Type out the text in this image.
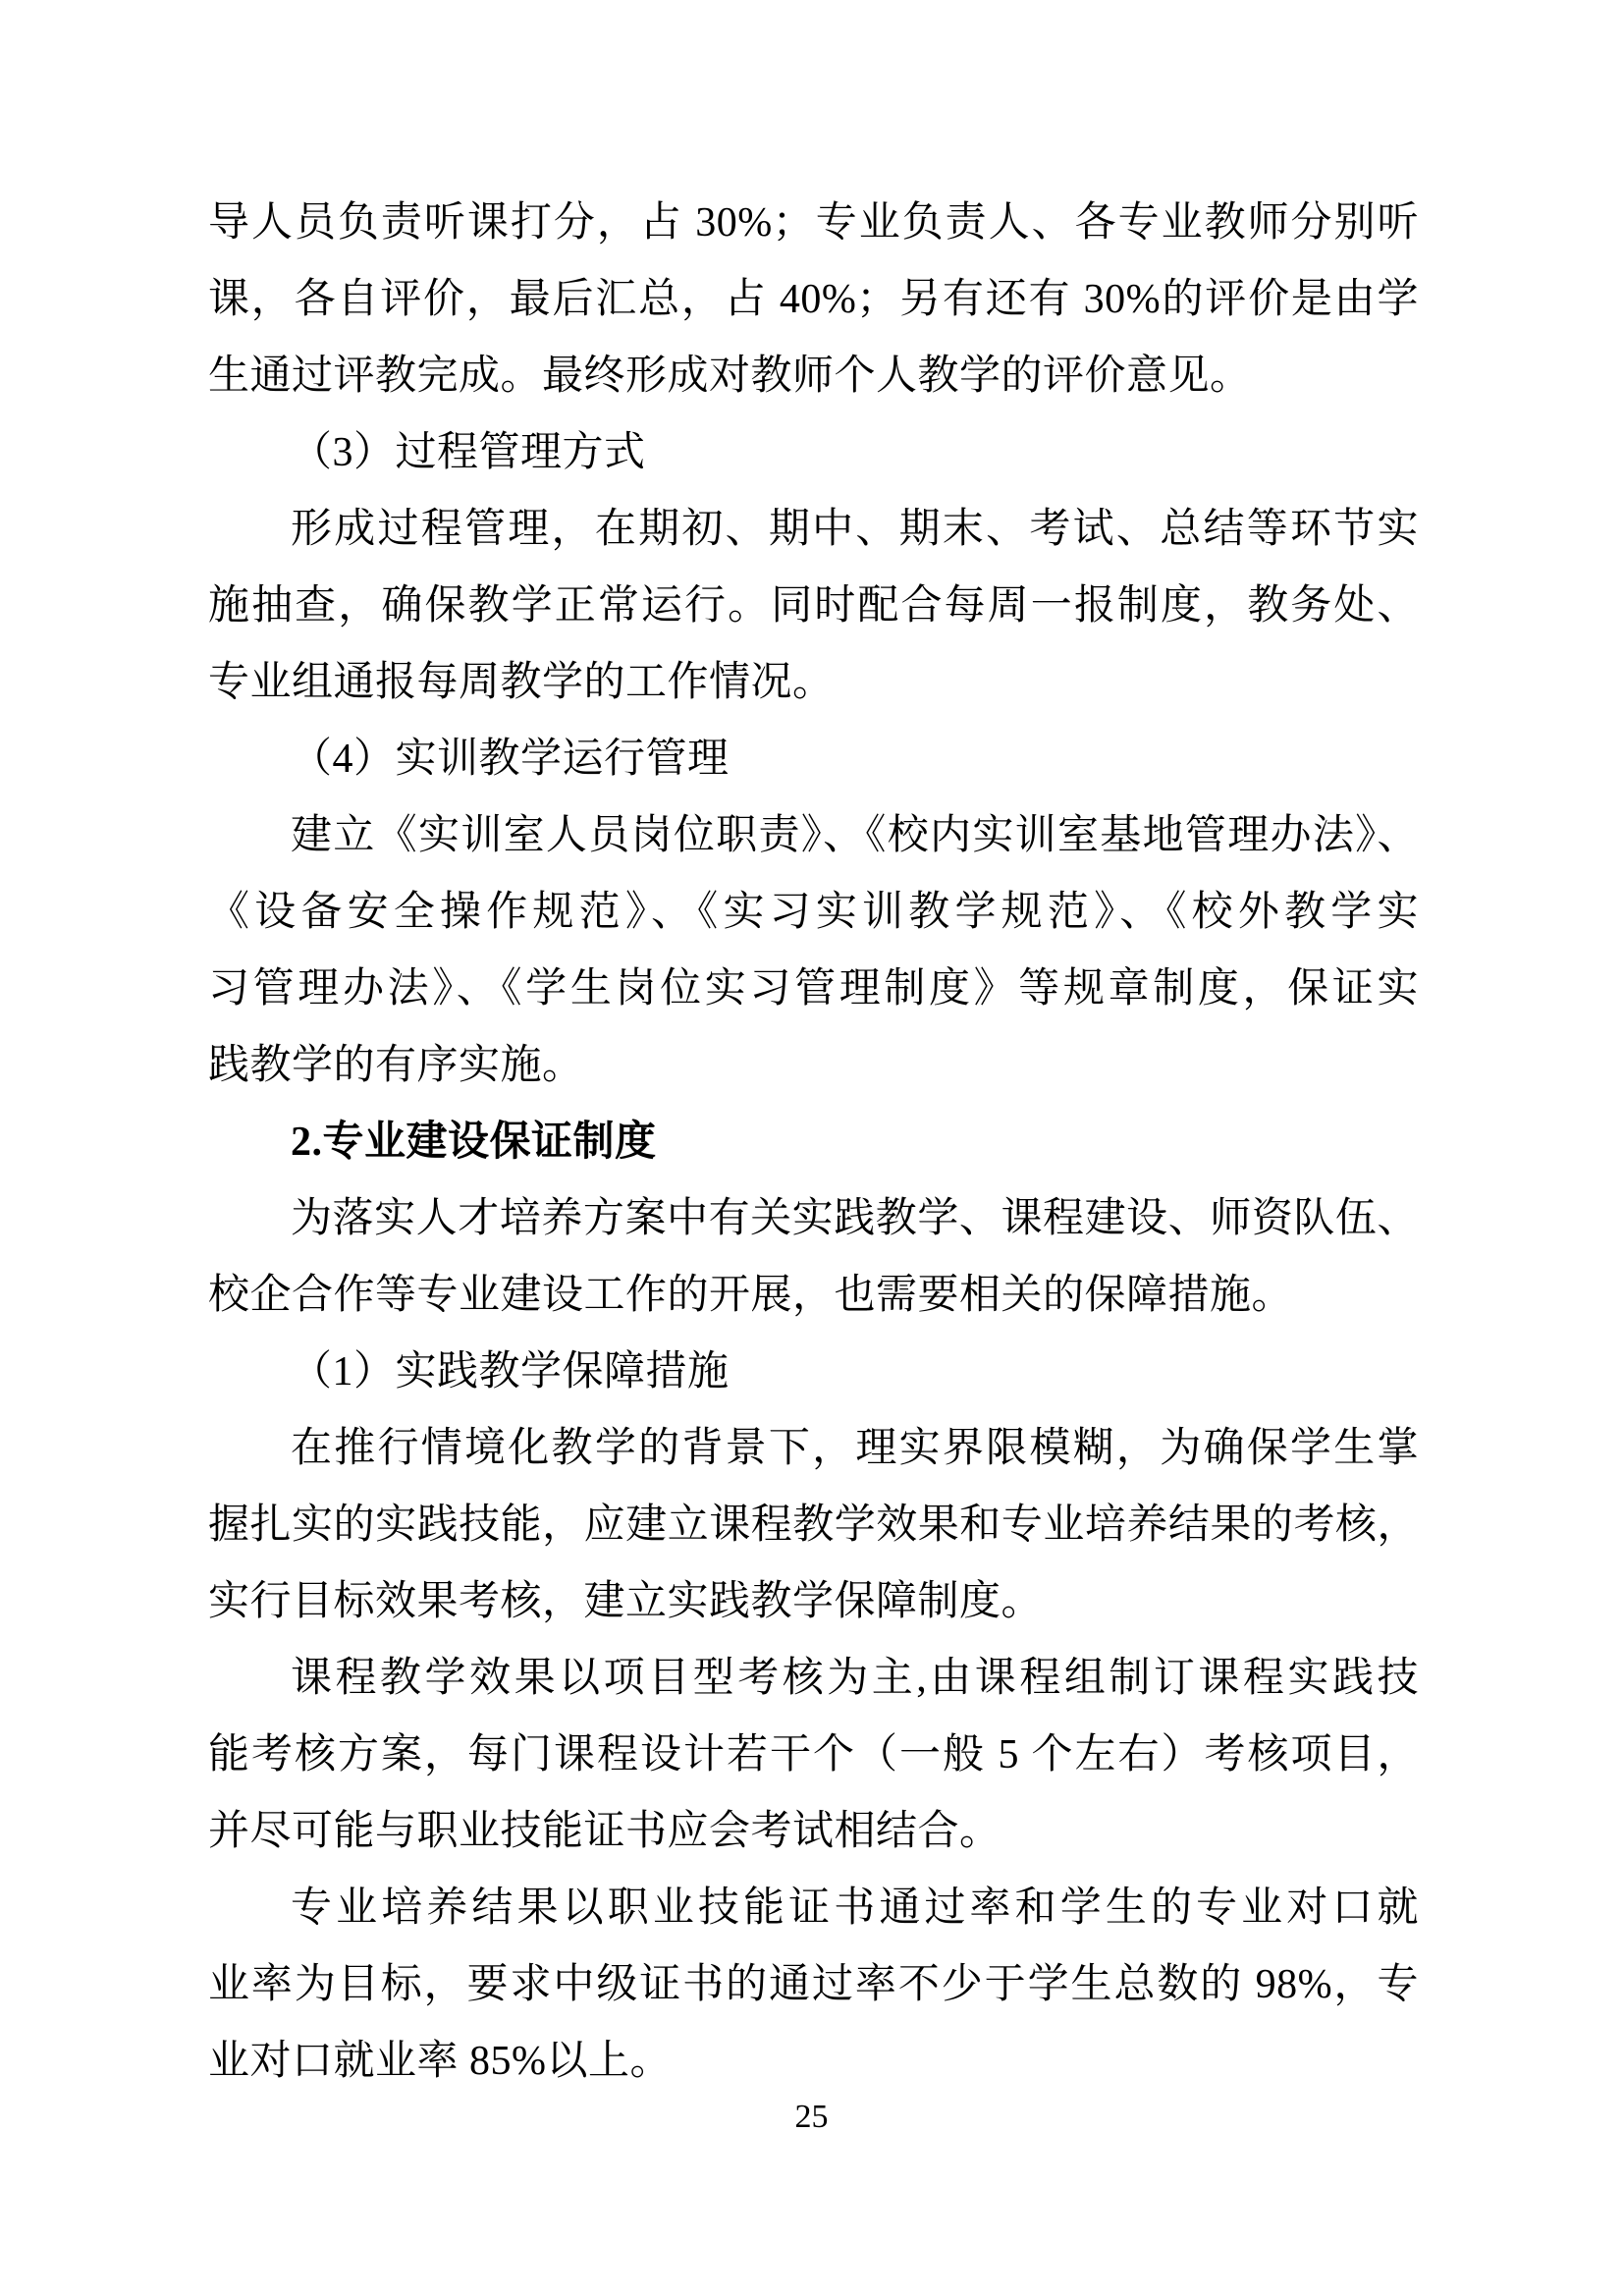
导人员负责听课打分，占 30%；专业负责人、各专业教师分别听
课，各自评价，最后汇总，占 40%；另有还有 30%的评价是由学
生通过评教完成。最终形成对教师个人教学的评价意见。
（3）过程管理方式
形成过程管理，在期初、期中、期末、考试、总结等环节实
施抽查，确保教学正常运行。同时配合每周一报制度，教务处、
专业组通报每周教学的工作情况。
（4）实训教学运行管理
建立《实训室人员岗位职责》、《校内实训室基地管理办法》、
《设备安全操作规范》、《实习实训教学规范》、《校外教学实
习管理办法》、《学生岗位实习管理制度》等规章制度，保证实
践教学的有序实施。
2.专业建设保证制度
为落实人才培养方案中有关实践教学、课程建设、师资队伍、
校企合作等专业建设工作的开展，也需要相关的保障措施。
（1）实践教学保障措施
在推行情境化教学的背景下，理实界限模糊，为确保学生掌
握扎实的实践技能，应建立课程教学效果和专业培养结果的考核，
实行目标效果考核，建立实践教学保障制度。
课程教学效果以项目型考核为主,由课程组制订课程实践技
能考核方案，每门课程设计若干个（一般 5 个左右）考核项目，
并尽可能与职业技能证书应会考试相结合。
专业培养结果以职业技能证书通过率和学生的专业对口就
业率为目标，要求中级证书的通过率不少于学生总数的 98%，专
业对口就业率 85%以上。
25
